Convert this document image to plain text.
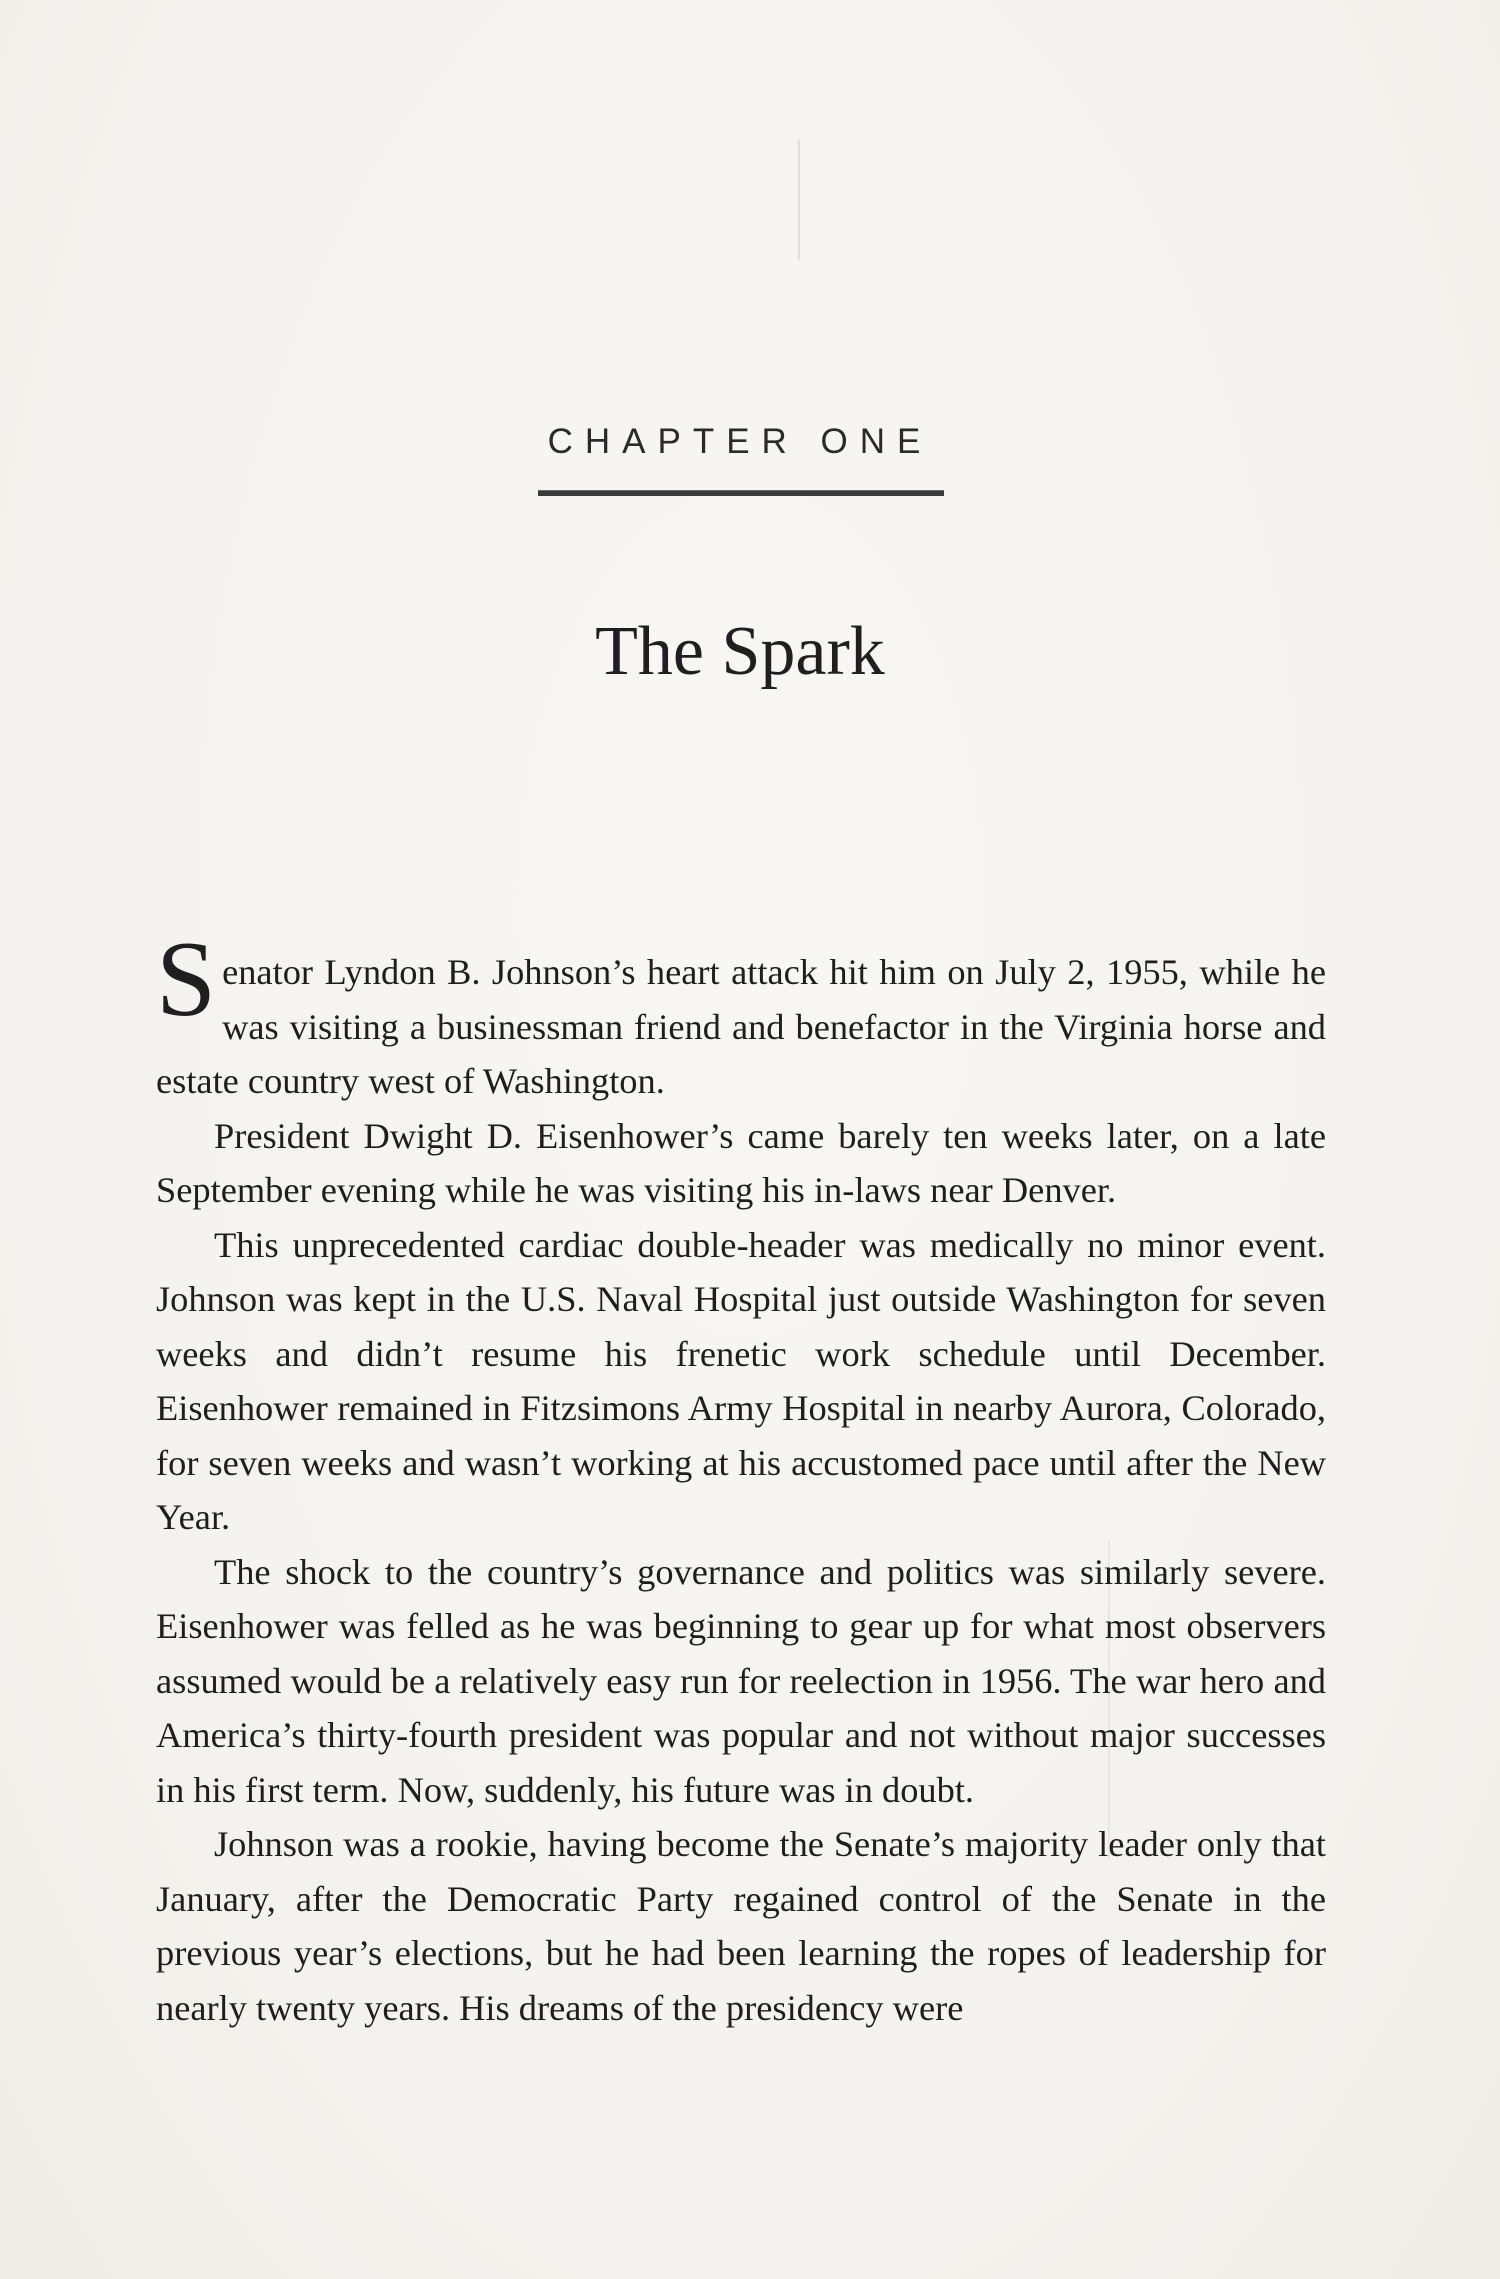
CHAPTER ONE
The Spark

Senator Lyndon B. Johnson’s heart attack hit him on July 2, 1955, while he was visiting a businessman friend and benefactor in the Virginia horse and estate country west of Washington.

President Dwight D. Eisenhower’s came barely ten weeks later, on a late September evening while he was visiting his in-laws near Denver.

This unprecedented cardiac double-header was medically no minor event. Johnson was kept in the U.S. Naval Hospital just outside Washington for seven weeks and didn’t resume his frenetic work schedule until December. Eisenhower remained in Fitzsimons Army Hospital in nearby Aurora, Colorado, for seven weeks and wasn’t working at his accustomed pace until after the New Year.

The shock to the country’s governance and politics was similarly severe. Eisenhower was felled as he was beginning to gear up for what most observers assumed would be a relatively easy run for reelection in 1956. The war hero and America’s thirty-fourth president was popular and not without major successes in his first term. Now, suddenly, his future was in doubt.

Johnson was a rookie, having become the Senate’s majority leader only that January, after the Democratic Party regained control of the Senate in the previous year’s elections, but he had been learning the ropes of leadership for nearly twenty years. His dreams of the presidency were
